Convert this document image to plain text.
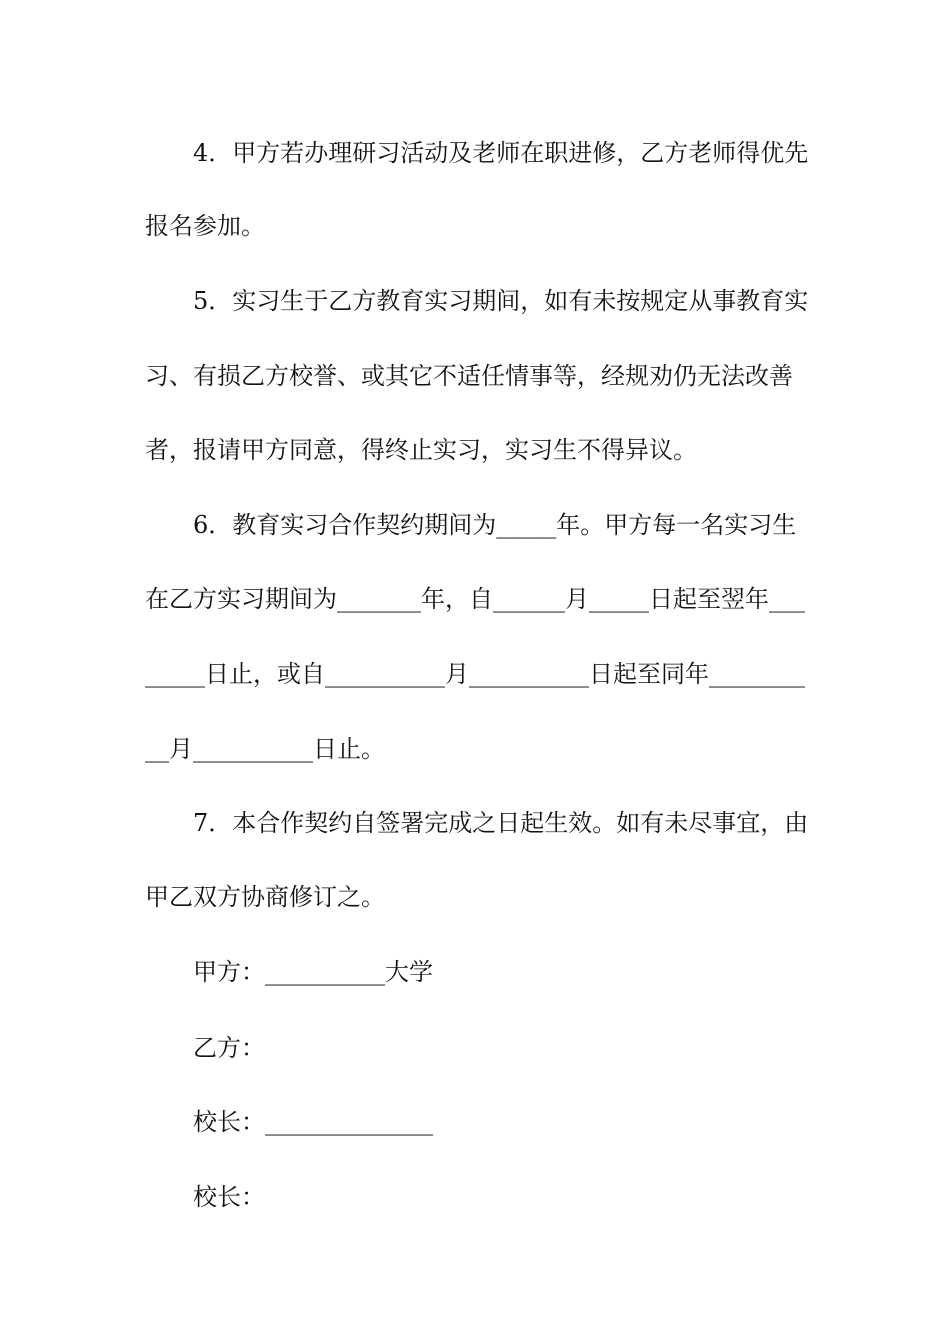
4．甲方若办理研习活动及老师在职进修，乙方老师得优先
报名参加。
5．实习生于乙方教育实习期间，如有未按规定从事教育实
习、有损乙方校誉、或其它不适任情事等，经规劝仍无法改善
者，报请甲方同意，得终止实习，实习生不得异议。
6．教育实习合作契约期间为_____年。甲方每一名实习生
在乙方实习期间为_______年，自______月_____日起至翌年___
_____日止，或自__________月__________日起至同年________
__月__________日止。
7．本合作契约自签署完成之日起生效。如有未尽事宜，由
甲乙双方协商修订之。
甲方：__________大学
乙方：
校长：______________
校长：
